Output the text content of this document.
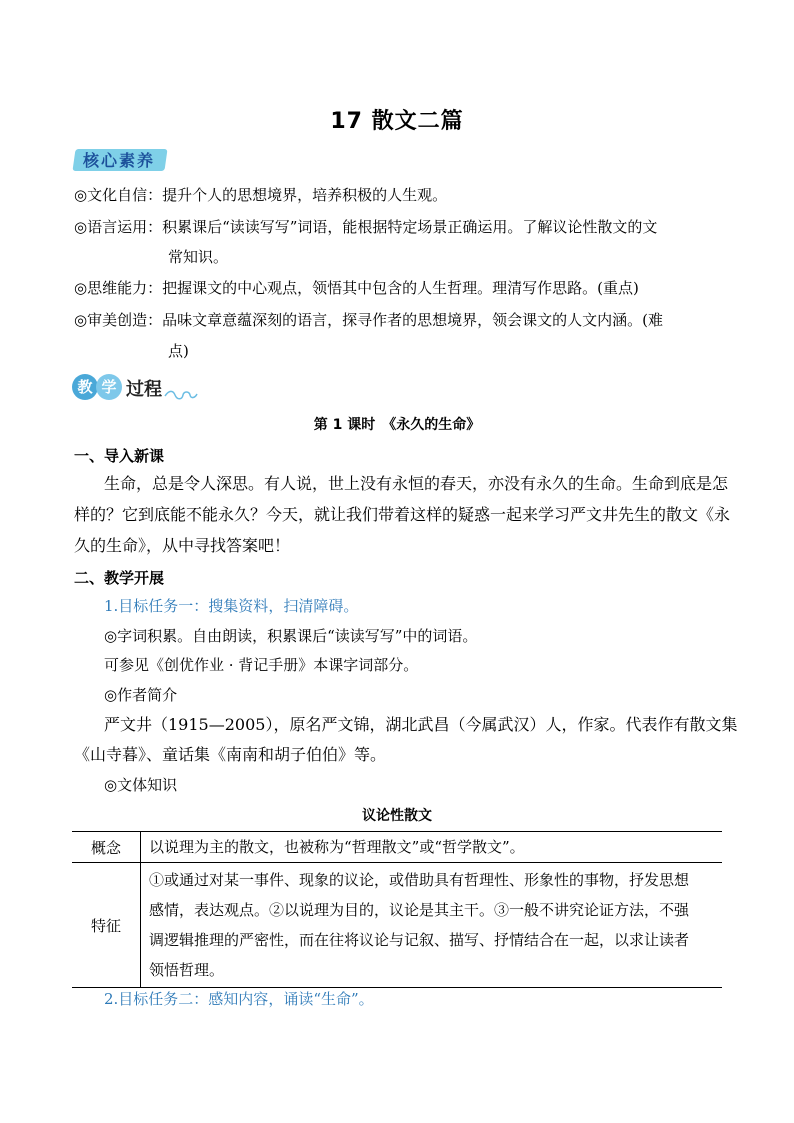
17 散文二篇
核心素养
◎文化自信：提升个人的思想境界，培养积极的人生观。
◎语言运用：积累课后“读读写写”词语，能根据特定场景正确运用。了解议论性散文的文
常知识。
◎思维能力：把握课文的中心观点，领悟其中包含的人生哲理。理清写作思路。(重点)
◎审美创造：品味文章意蕴深刻的语言，探寻作者的思想境界，领会课文的人文内涵。(难
点)
教 学 过程
第 1 课时　《永久的生命》
一、导入新课
生命，总是令人深思。有人说，世上没有永恒的春天，亦没有永久的生命。生命到底是怎
样的？它到底能不能永久？今天，就让我们带着这样的疑惑一起来学习严文井先生的散文《永
久的生命》，从中寻找答案吧！
二、教学开展
1.目标任务一：搜集资料，扫清障碍。
◎字词积累。自由朗读，积累课后“读读写写”中的词语。
可参见《创优作业 · 背记手册》本课字词部分。
◎作者简介
严文井（1915—2005），原名严文锦，湖北武昌（今属武汉）人，作家。代表作有散文集
《山寺暮》、童话集《南南和胡子伯伯》等。
◎文体知识
议论性散文
概念	以说理为主的散文，也被称为“哲理散文”或“哲学散文”。

特征	①或通过对某一事件、现象的议论，或借助具有哲理性、形象性的事物，抒发思想
感情，表达观点。②以说理为目的，议论是其主干。③一般不讲究论证方法，不强
调逻辑推理的严密性，而在往将议论与记叙、描写、抒情结合在一起，以求让读者
领悟哲理。
2.目标任务二：感知内容，诵读“生命”。
